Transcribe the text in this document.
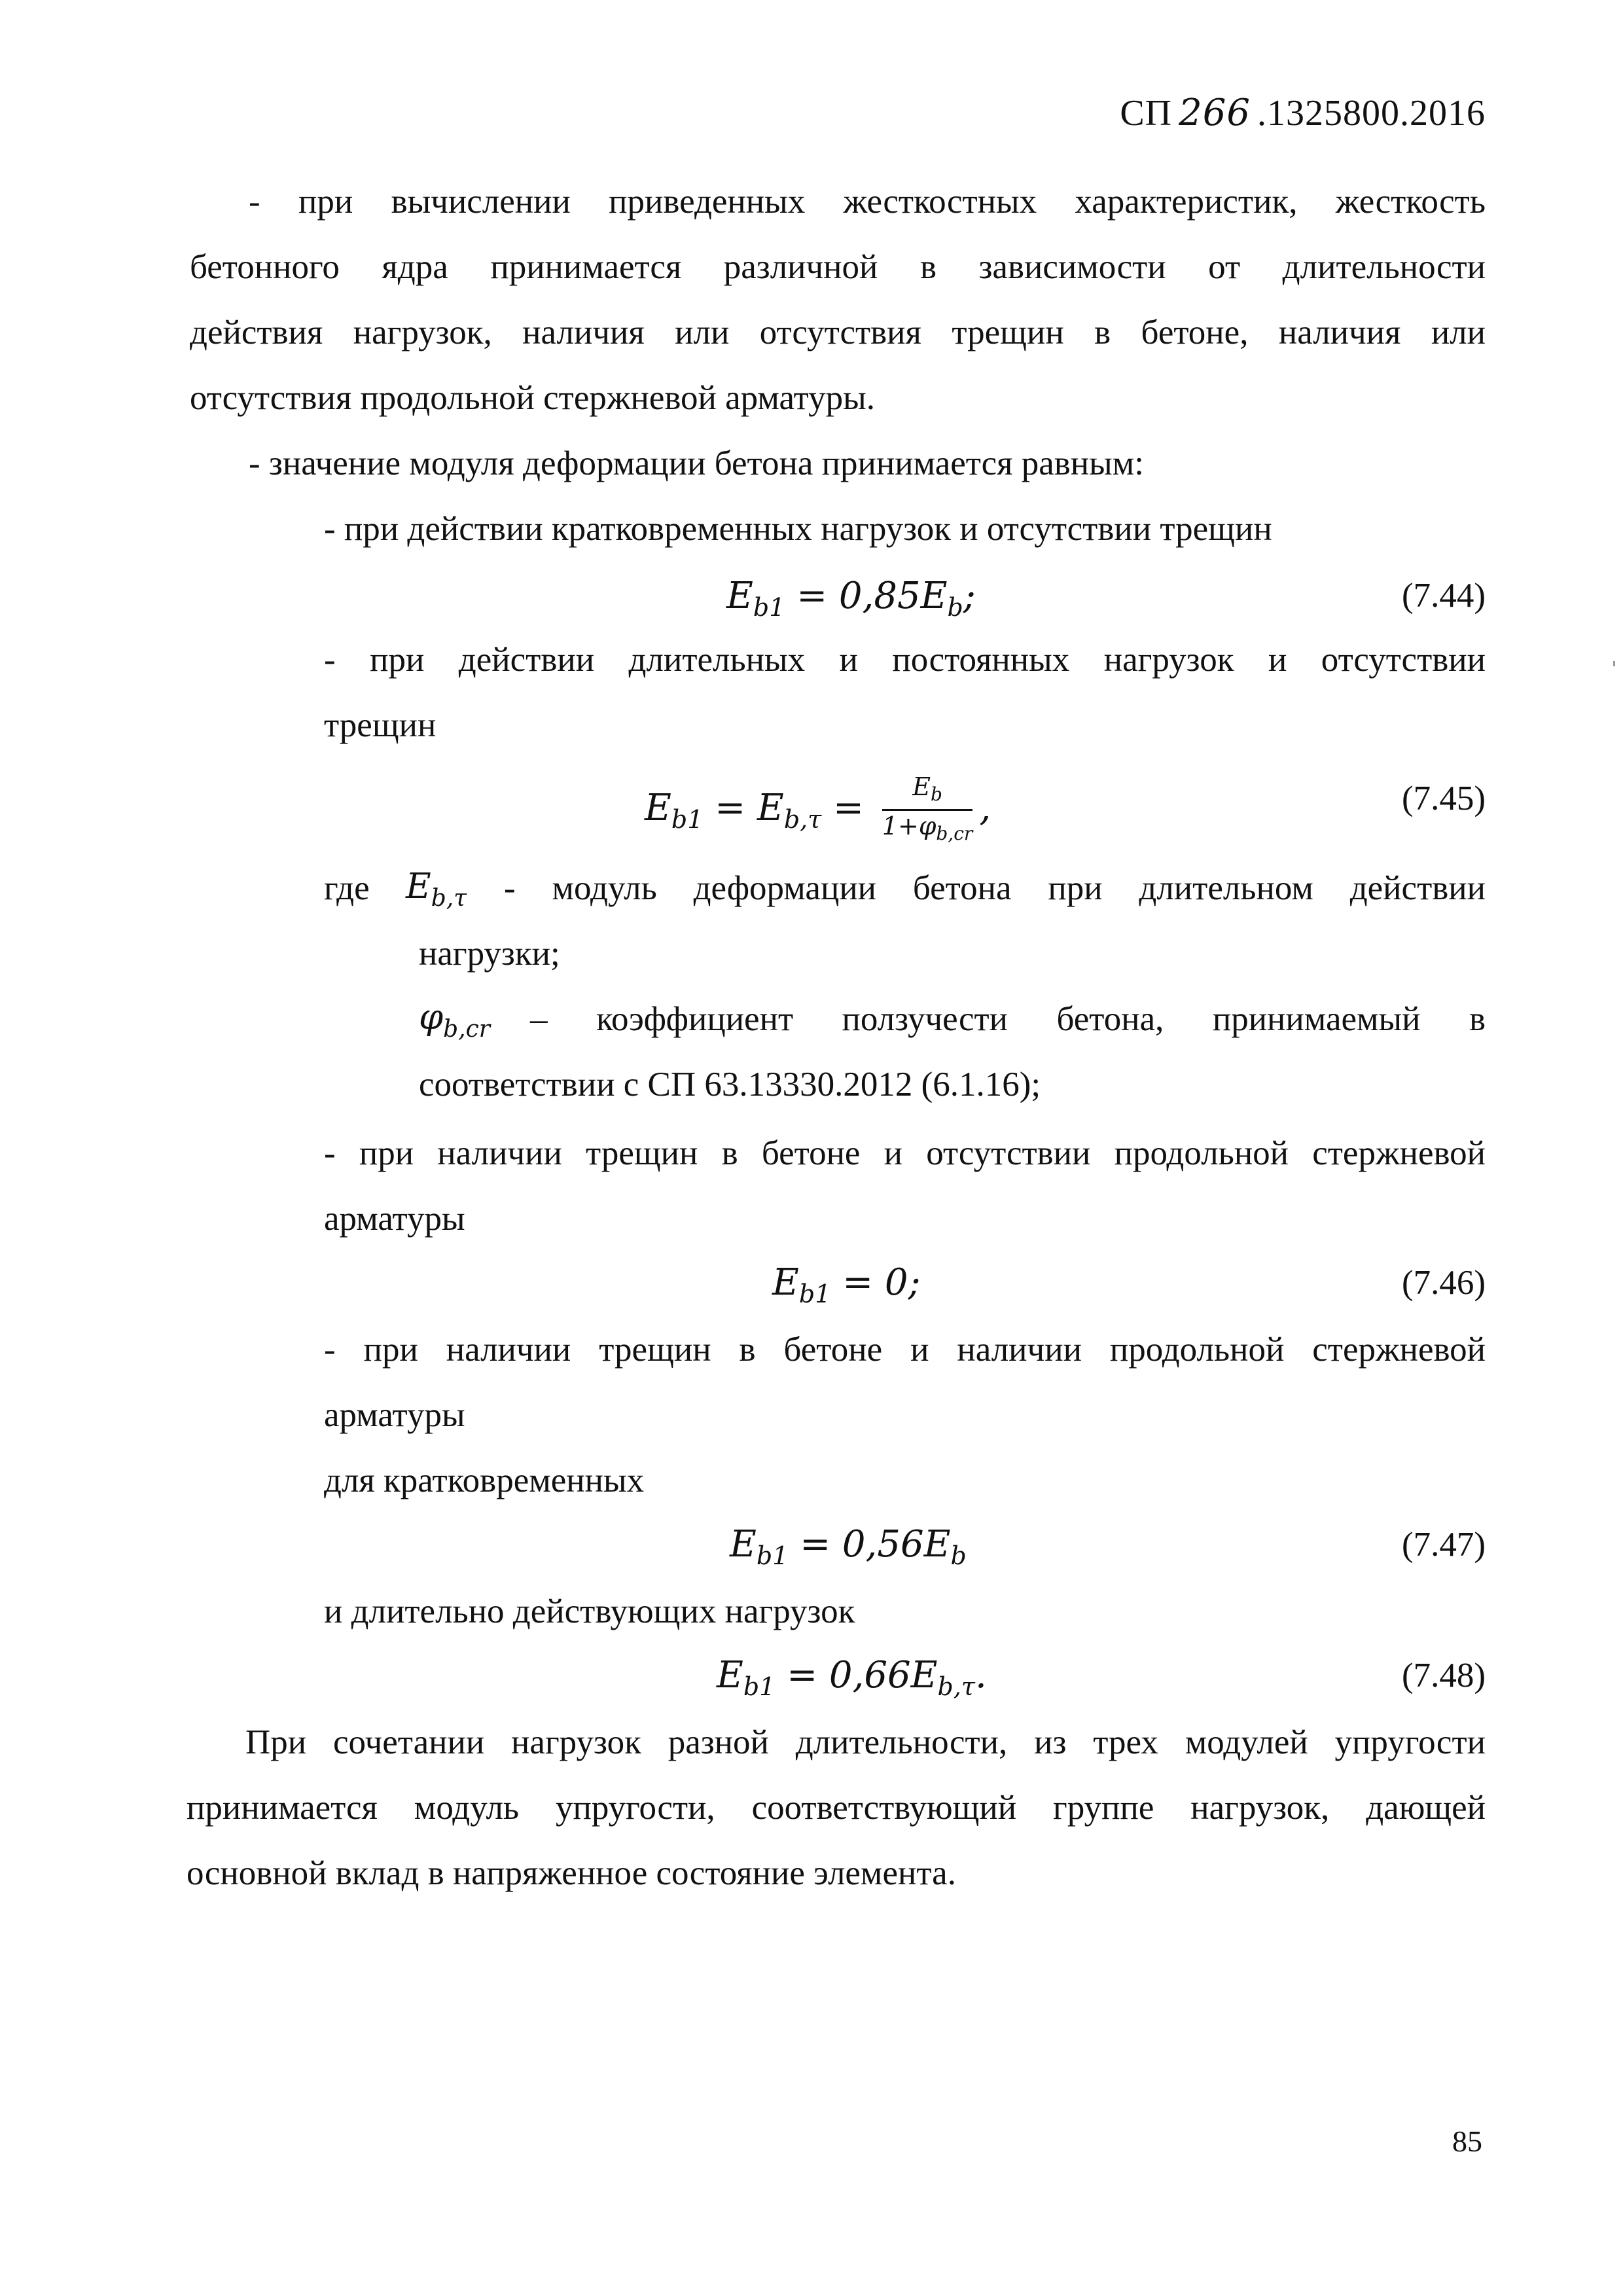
СП 266 .1325800.2016
- при вычислении приведенных жесткостных характеристик, жесткость
бетонного ядра принимается различной в зависимости от длительности
действия нагрузок, наличия или отсутствия трещин в бетоне, наличия или
отсутствия продольной стержневой арматуры.
- значение модуля деформации бетона принимается равным:
- при действии кратковременных нагрузок и отсутствии трещин
$E_{b1} = 0,85E_b$;	(7.44)
- при действии длительных и постоянных нагрузок и отсутствии
трещин
$E_{b1} = E_{b,\tau} = \frac{E_b}{1+\varphi_{b,cr}}$ ,	(7.45)
где $E_{b,\tau}$ - модуль деформации бетона при длительном действии
нагрузки;
$\varphi_{b,cr}$ – коэффициент ползучести бетона, принимаемый в
соответствии с СП 63.13330.2012 (6.1.16);
- при наличии трещин в бетоне и отсутствии продольной стержневой
арматуры
$E_{b1} = 0$;	(7.46)
- при наличии трещин в бетоне и наличии продольной стержневой
арматуры
для кратковременных
$E_{b1} = 0,56E_b$	(7.47)
и длительно действующих нагрузок
$E_{b1} = 0,66E_{b,\tau}$.	(7.48)
При сочетании нагрузок разной длительности, из трех модулей упругости
принимается модуль упругости, соответствующий группе нагрузок, дающей
основной вклад в напряженное состояние элемента.
85
